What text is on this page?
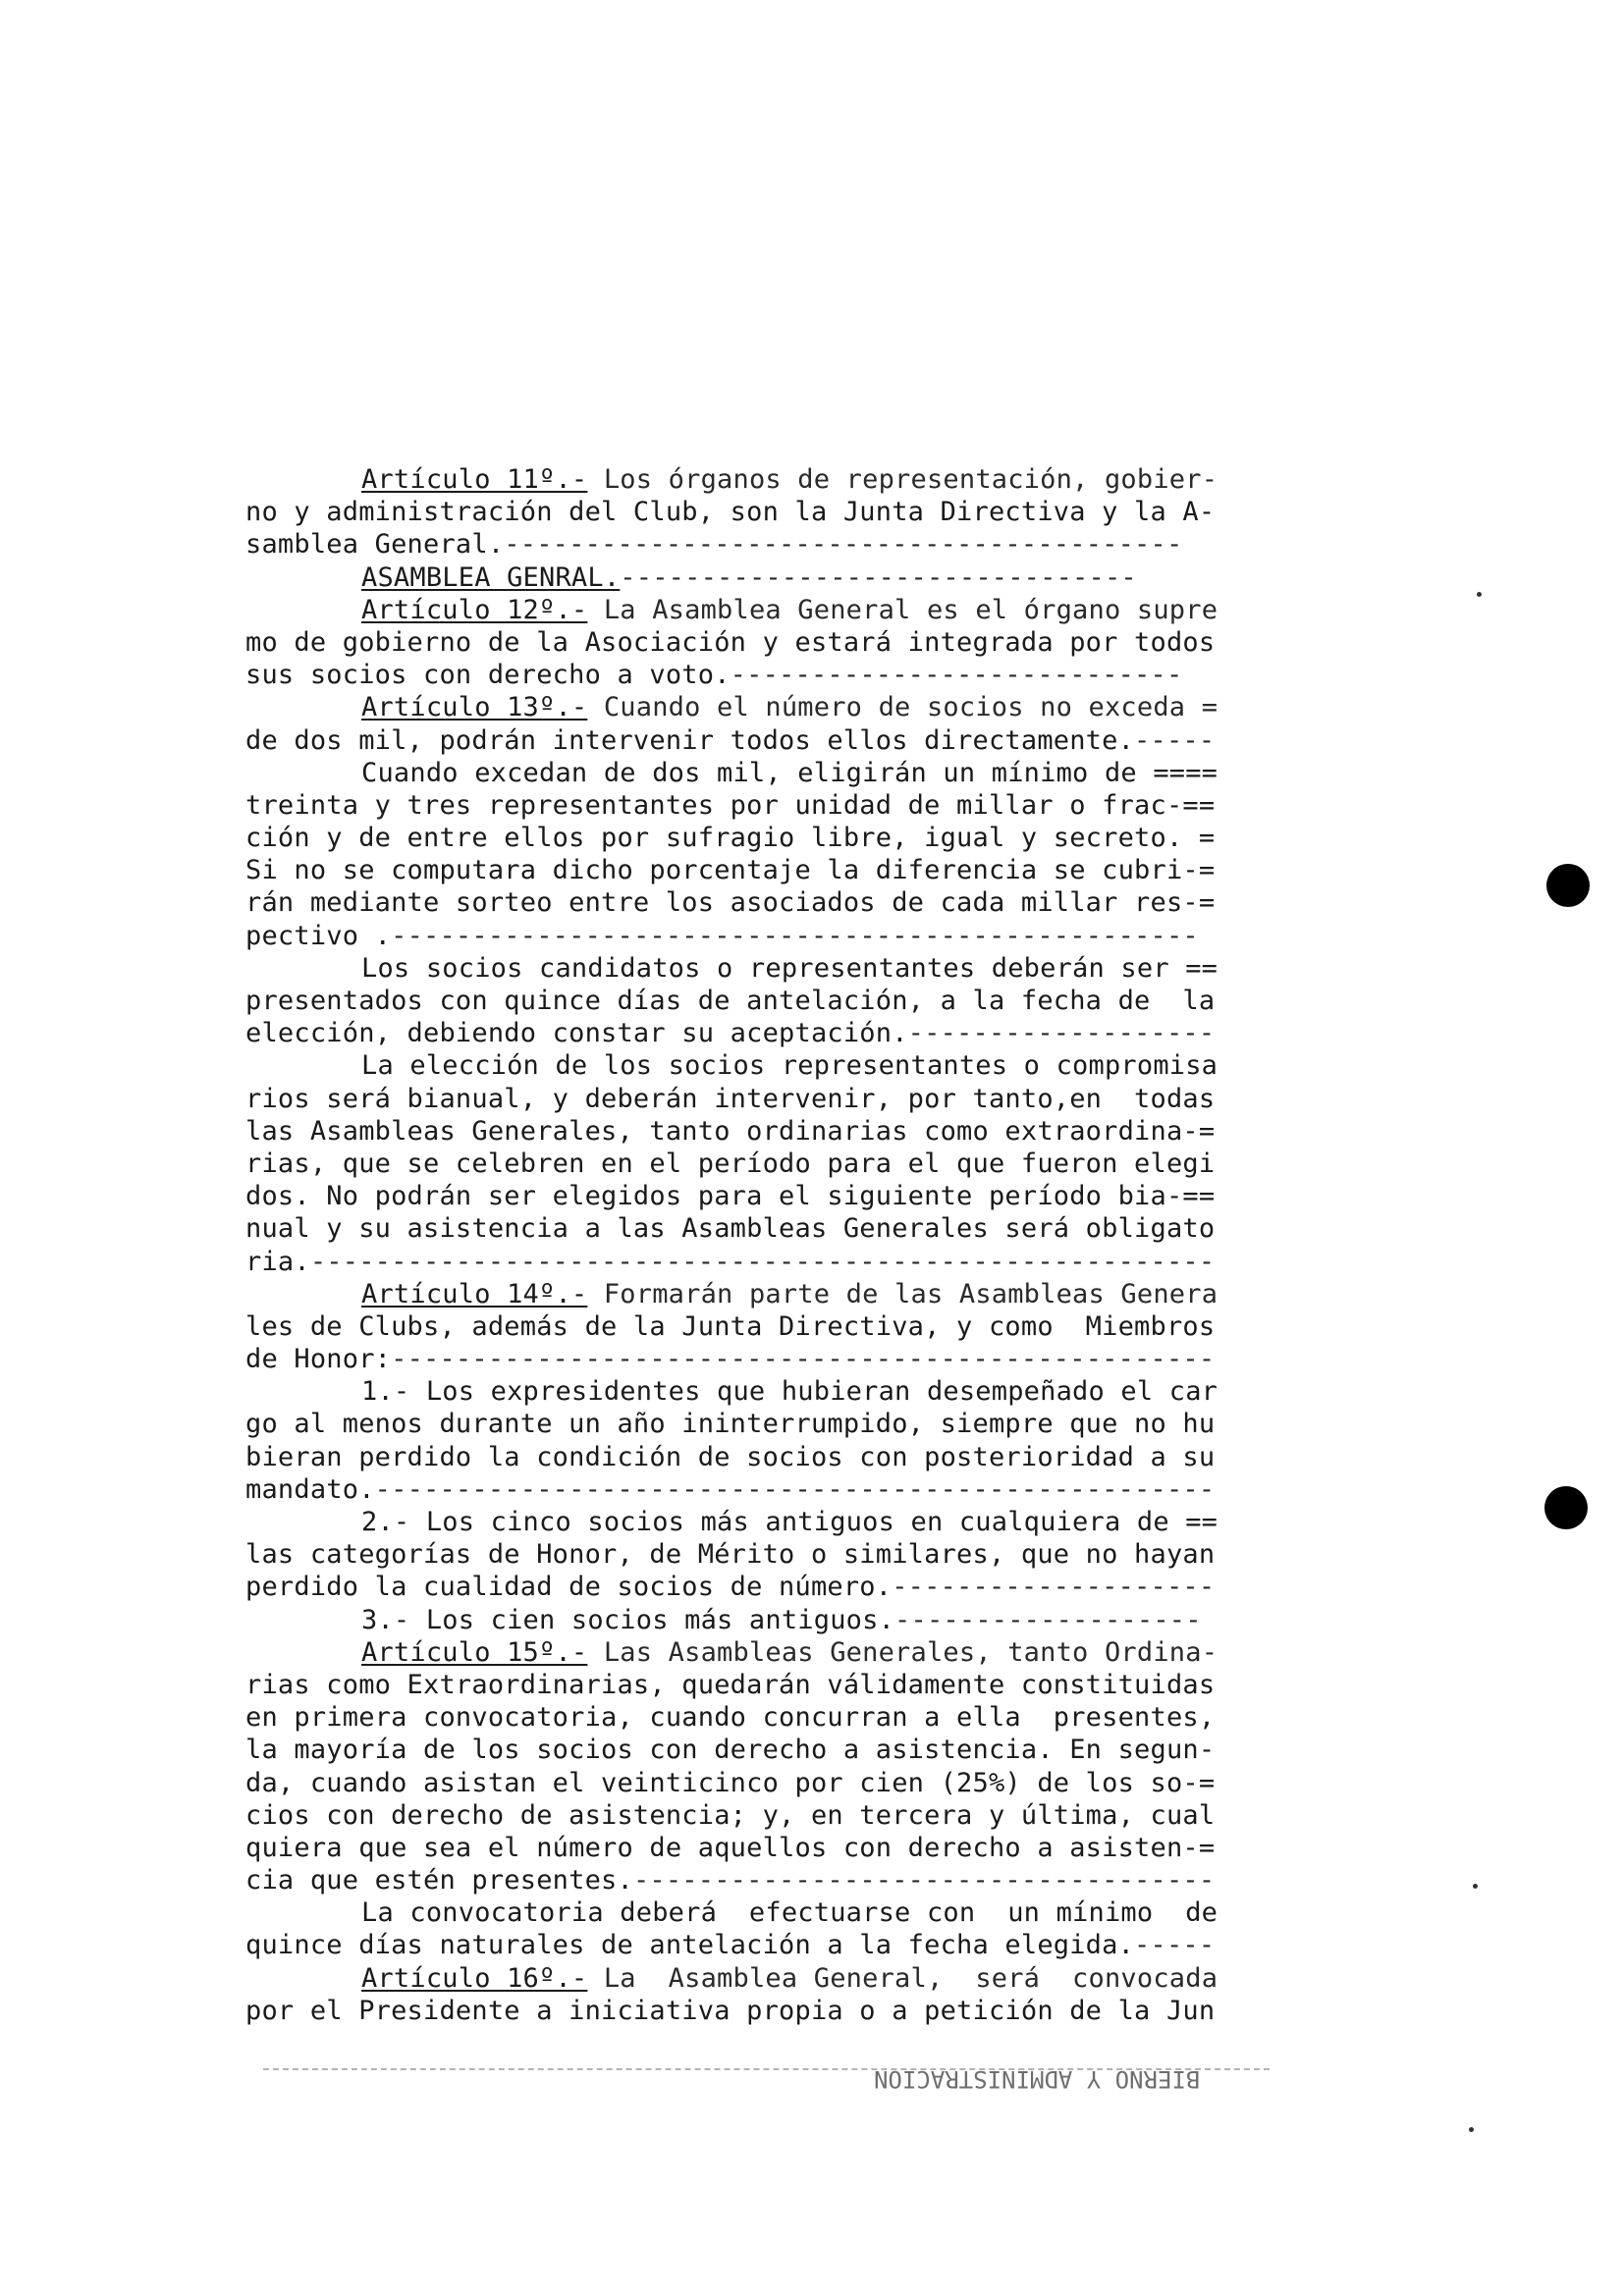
Artículo 11º.- Los órganos de representación, gobier-
no y administración del Club, son la Junta Directiva y la A-
samblea General.------------------------------------------
ASAMBLEA GENRAL.--------------------------------
Artículo 12º.- La Asamblea General es el órgano supre
mo de gobierno de la Asociación y estará integrada por todos
sus socios con derecho a voto.----------------------------
Artículo 13º.- Cuando el número de socios no exceda =
de dos mil, podrán intervenir todos ellos directamente.-----
Cuando excedan de dos mil, eligirán un mínimo de ====
treinta y tres representantes por unidad de millar o frac-==
ción y de entre ellos por sufragio libre, igual y secreto. =
Si no se computara dicho porcentaje la diferencia se cubri-=
rán mediante sorteo entre los asociados de cada millar res-=
pectivo .--------------------------------------------------
Los socios candidatos o representantes deberán ser ==
presentados con quince días de antelación, a la fecha de  la
elección, debiendo constar su aceptación.-------------------
La elección de los socios representantes o compromisa
rios será bianual, y deberán intervenir, por tanto,en  todas
las Asambleas Generales, tanto ordinarias como extraordina-=
rias, que se celebren en el período para el que fueron elegi
dos. No podrán ser elegidos para el siguiente período bia-==
nual y su asistencia a las Asambleas Generales será obligato
ria.--------------------------------------------------------
Artículo 14º.- Formarán parte de las Asambleas Genera
les de Clubs, además de la Junta Directiva, y como  Miembros
de Honor:---------------------------------------------------
1.- Los expresidentes que hubieran desempeñado el car
go al menos durante un año ininterrumpido, siempre que no hu
bieran perdido la condición de socios con posterioridad a su
mandato.----------------------------------------------------
2.- Los cinco socios más antiguos en cualquiera de ==
las categorías de Honor, de Mérito o similares, que no hayan
perdido la cualidad de socios de número.--------------------
3.- Los cien socios más antiguos.-------------------
Artículo 15º.- Las Asambleas Generales, tanto Ordina-
rias como Extraordinarias, quedarán válidamente constituidas
en primera convocatoria, cuando concurran a ella  presentes,
la mayoría de los socios con derecho a asistencia. En segun-
da, cuando asistan el veinticinco por cien (25%) de los so-=
cios con derecho de asistencia; y, en tercera y última, cual
quiera que sea el número de aquellos con derecho a asisten-=
cia que estén presentes.------------------------------------
La convocatoria deberá  efectuarse con  un mínimo  de
quince días naturales de antelación a la fecha elegida.-----
Artículo 16º.- La  Asamblea General,  será  convocada
por el Presidente a iniciativa propia o a petición de la Jun
BIERNO Y ADMINISTRACION
